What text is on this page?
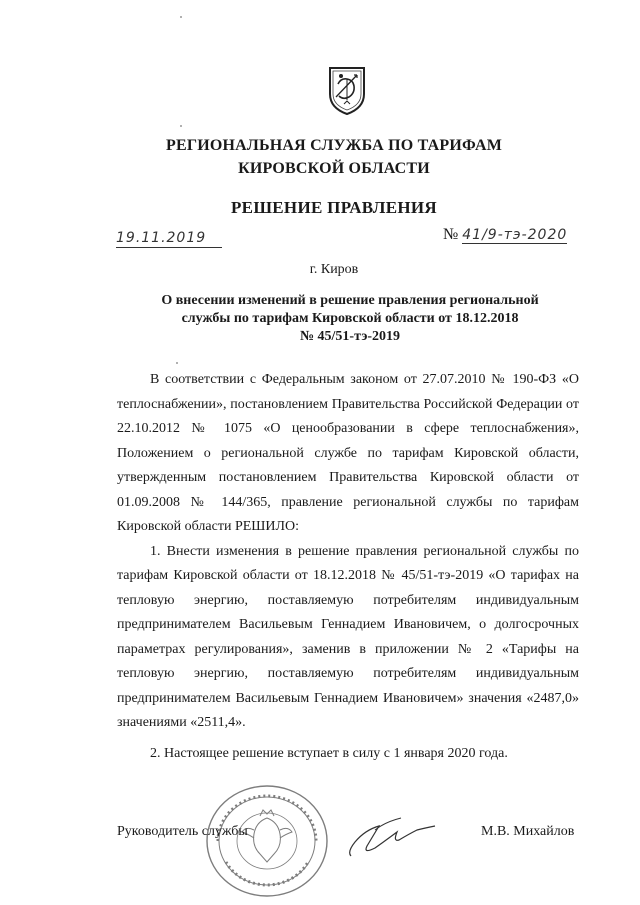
РЕГИОНАЛЬНАЯ СЛУЖБА ПО ТАРИФАМ
КИРОВСКОЙ ОБЛАСТИ
РЕШЕНИЕ ПРАВЛЕНИЯ
19.11.2019	№ 41/9-тэ-2020
г. Киров
О внесении изменений в решение правления региональной
службы по тарифам Кировской области от 18.12.2018
№ 45/51-тэ-2019

В соответствии с Федеральным законом от 27.07.2010 № 190-ФЗ «О теплоснабжении», постановлением Правительства Российской Федерации от 22.10.2012 № 1075 «О ценообразовании в сфере теплоснабжения», Положением о региональной службе по тарифам Кировской области, утвержденным постановлением Правительства Кировской области от 01.09.2008 № 144/365, правление региональной службы по тарифам Кировской области РЕШИЛО:

1. Внести изменения в решение правления региональной службы по тарифам Кировской области от 18.12.2018 № 45/51-тэ-2019 «О тарифах на тепловую энергию, поставляемую потребителям индивидуальным предпринимателем Васильевым Геннадием Ивановичем, о долгосрочных параметрах регулирования», заменив в приложении № 2 «Тарифы на тепловую энергию, поставляемую потребителям индивидуальным предпринимателем Васильевым Геннадием Ивановичем» значения «2487,0» значениями «2511,4».

2. Настоящее решение вступает в силу с 1 января 2020 года.

Руководитель службы	М.В. Михайлов
